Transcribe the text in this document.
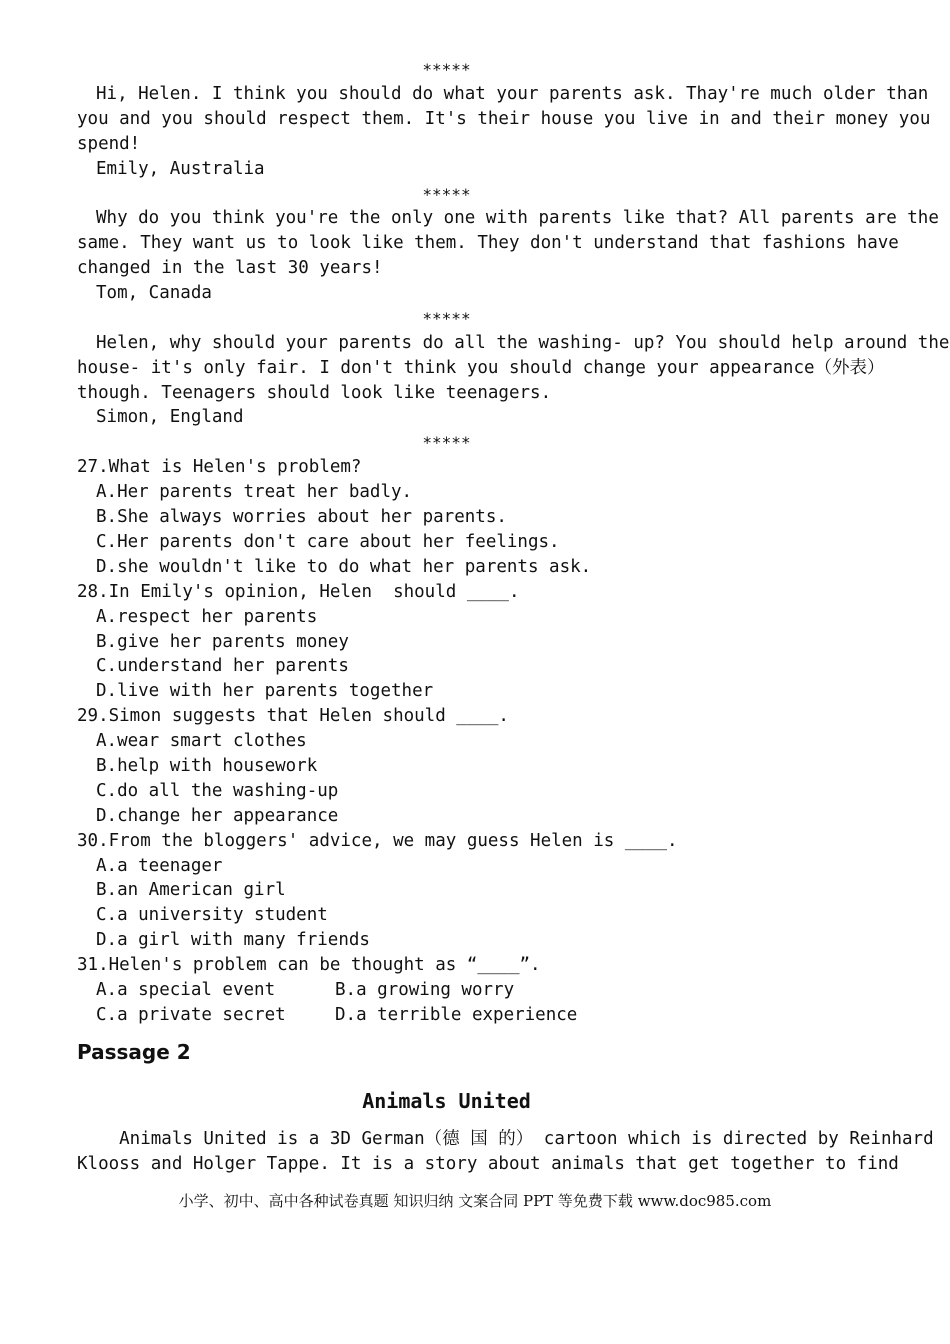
*****
Hi, Helen. I think you should do what your parents ask. Thay're much older than
you and you should respect them. It's their house you live in and their money you
spend!
Emily, Australia
*****
Why do you think you're the only one with parents like that? All parents are the
same. They want us to look like them. They don't understand that fashions have
changed in the last 30 years!
Tom, Canada
*****
Helen, why should your parents do all the washing- up? You should help around the
house- it's only fair. I don't think you should change your appearance（外表）
though. Teenagers should look like teenagers.
Simon, England
*****
27.What is Helen's problem?
A.Her parents treat her badly.
B.She always worries about her parents.
C.Her parents don't care about her feelings.
D.she wouldn't like to do what her parents ask.
28.In Emily's opinion, Helen  should ____.
A.respect her parents
B.give her parents money
C.understand her parents
D.live with her parents together
29.Simon suggests that Helen should ____.
A.wear smart clothes
B.help with housework
C.do all the washing-up
D.change her appearance
30.From the bloggers' advice, we may guess Helen is ____.
A.a teenager
B.an American girl
C.a university student
D.a girl with many friends
31.Helen's problem can be thought as “____”.
A.a special event	B.a growing worry
C.a private secret	D.a terrible experience
Passage 2
Animals United
Animals United is a 3D German（德 国 的） cartoon which is directed by Reinhard
Klooss and Holger Tappe. It is a story about animals that get together to find
小学、初中、高中各种试卷真题 知识归纳 文案合同 PPT 等免费下载 www.doc985.com
